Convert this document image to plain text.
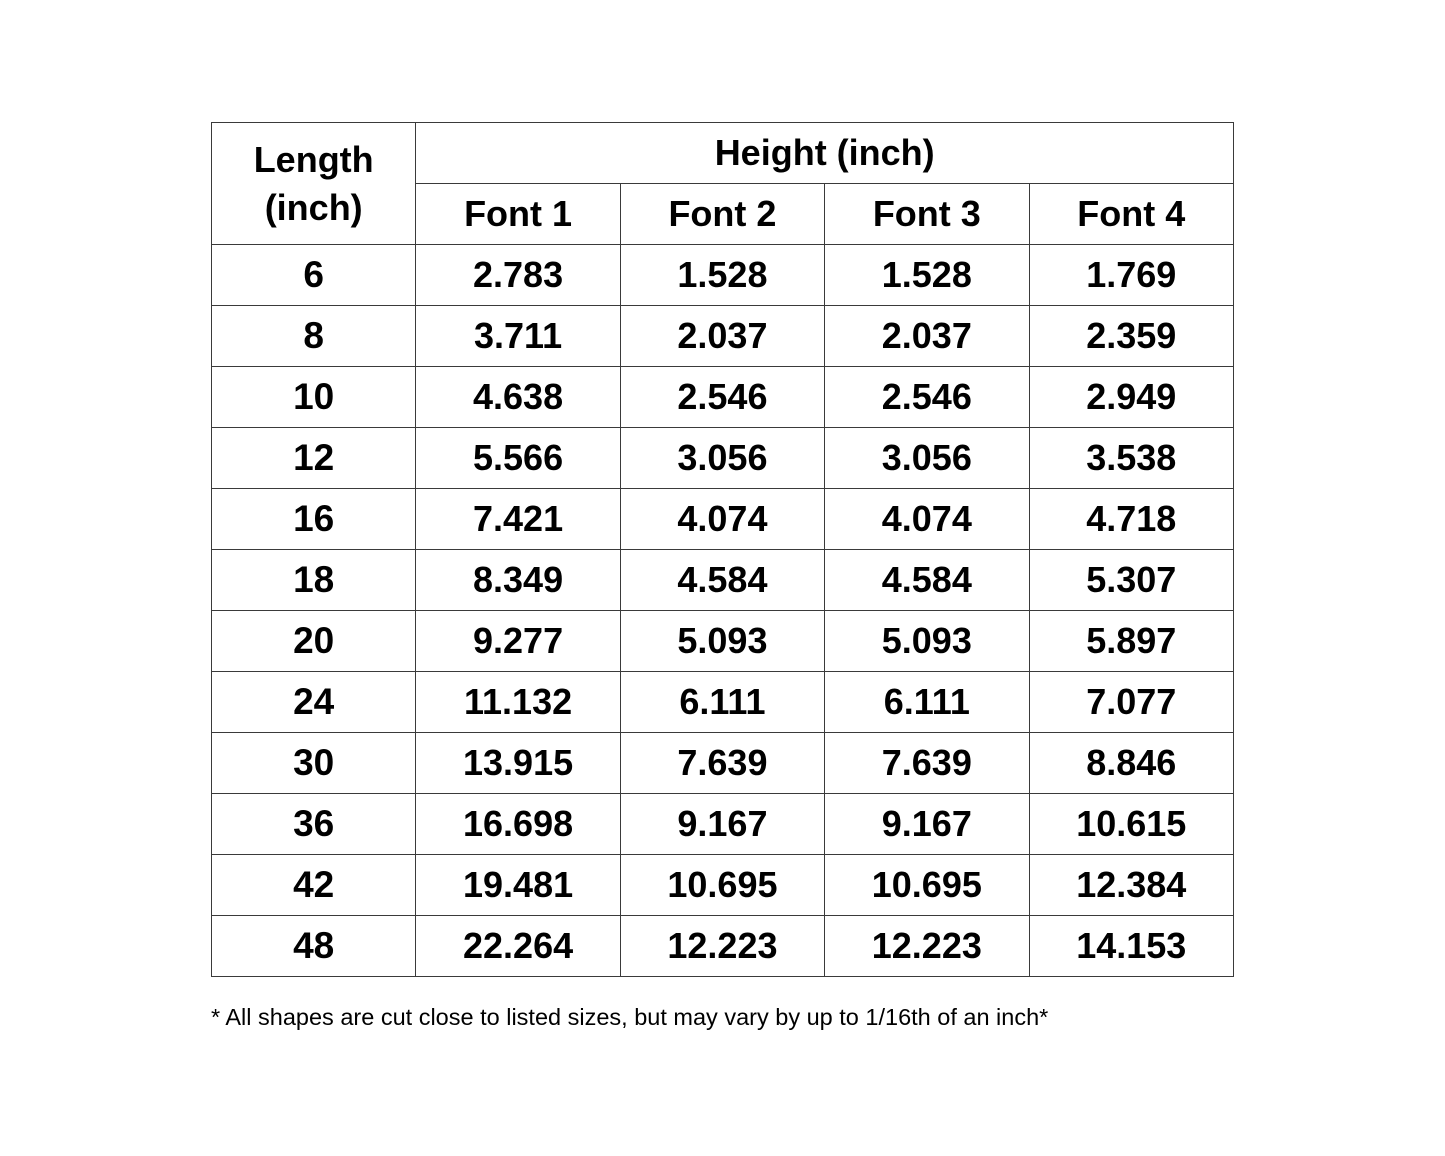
Length
(inch)	Height (inch)			
	Font 1	Font 2	Font 3	Font 4
6	2.783	1.528	1.528	1.769
8	3.711	2.037	2.037	2.359
10	4.638	2.546	2.546	2.949
12	5.566	3.056	3.056	3.538
16	7.421	4.074	4.074	4.718
18	8.349	4.584	4.584	5.307
20	9.277	5.093	5.093	5.897
24	11.132	6.111	6.111	7.077
30	13.915	7.639	7.639	8.846
36	16.698	9.167	9.167	10.615
42	19.481	10.695	10.695	12.384
48	22.264	12.223	12.223	14.153
* All shapes are cut close to listed sizes, but may vary by up to 1/16th of an inch*
